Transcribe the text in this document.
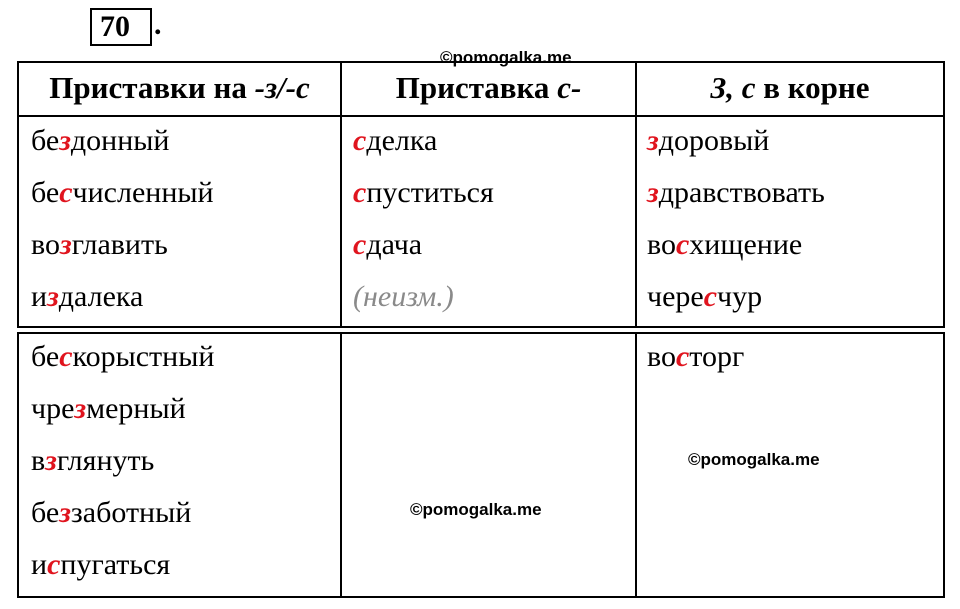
70 .
©pomogalka.me
Приставки на -з/-с	Приставка с-	З, с в корне
бездонный
бесчисленный
возглавить
издалека
сделка
спуститься
сдача
(неизм.)
здоровый
здравствовать
восхищение
чересчур
бескорыстный
чрезмерный
взглянуть
беззаботный
испугаться
восторг
©pomogalka.me
©pomogalka.me
